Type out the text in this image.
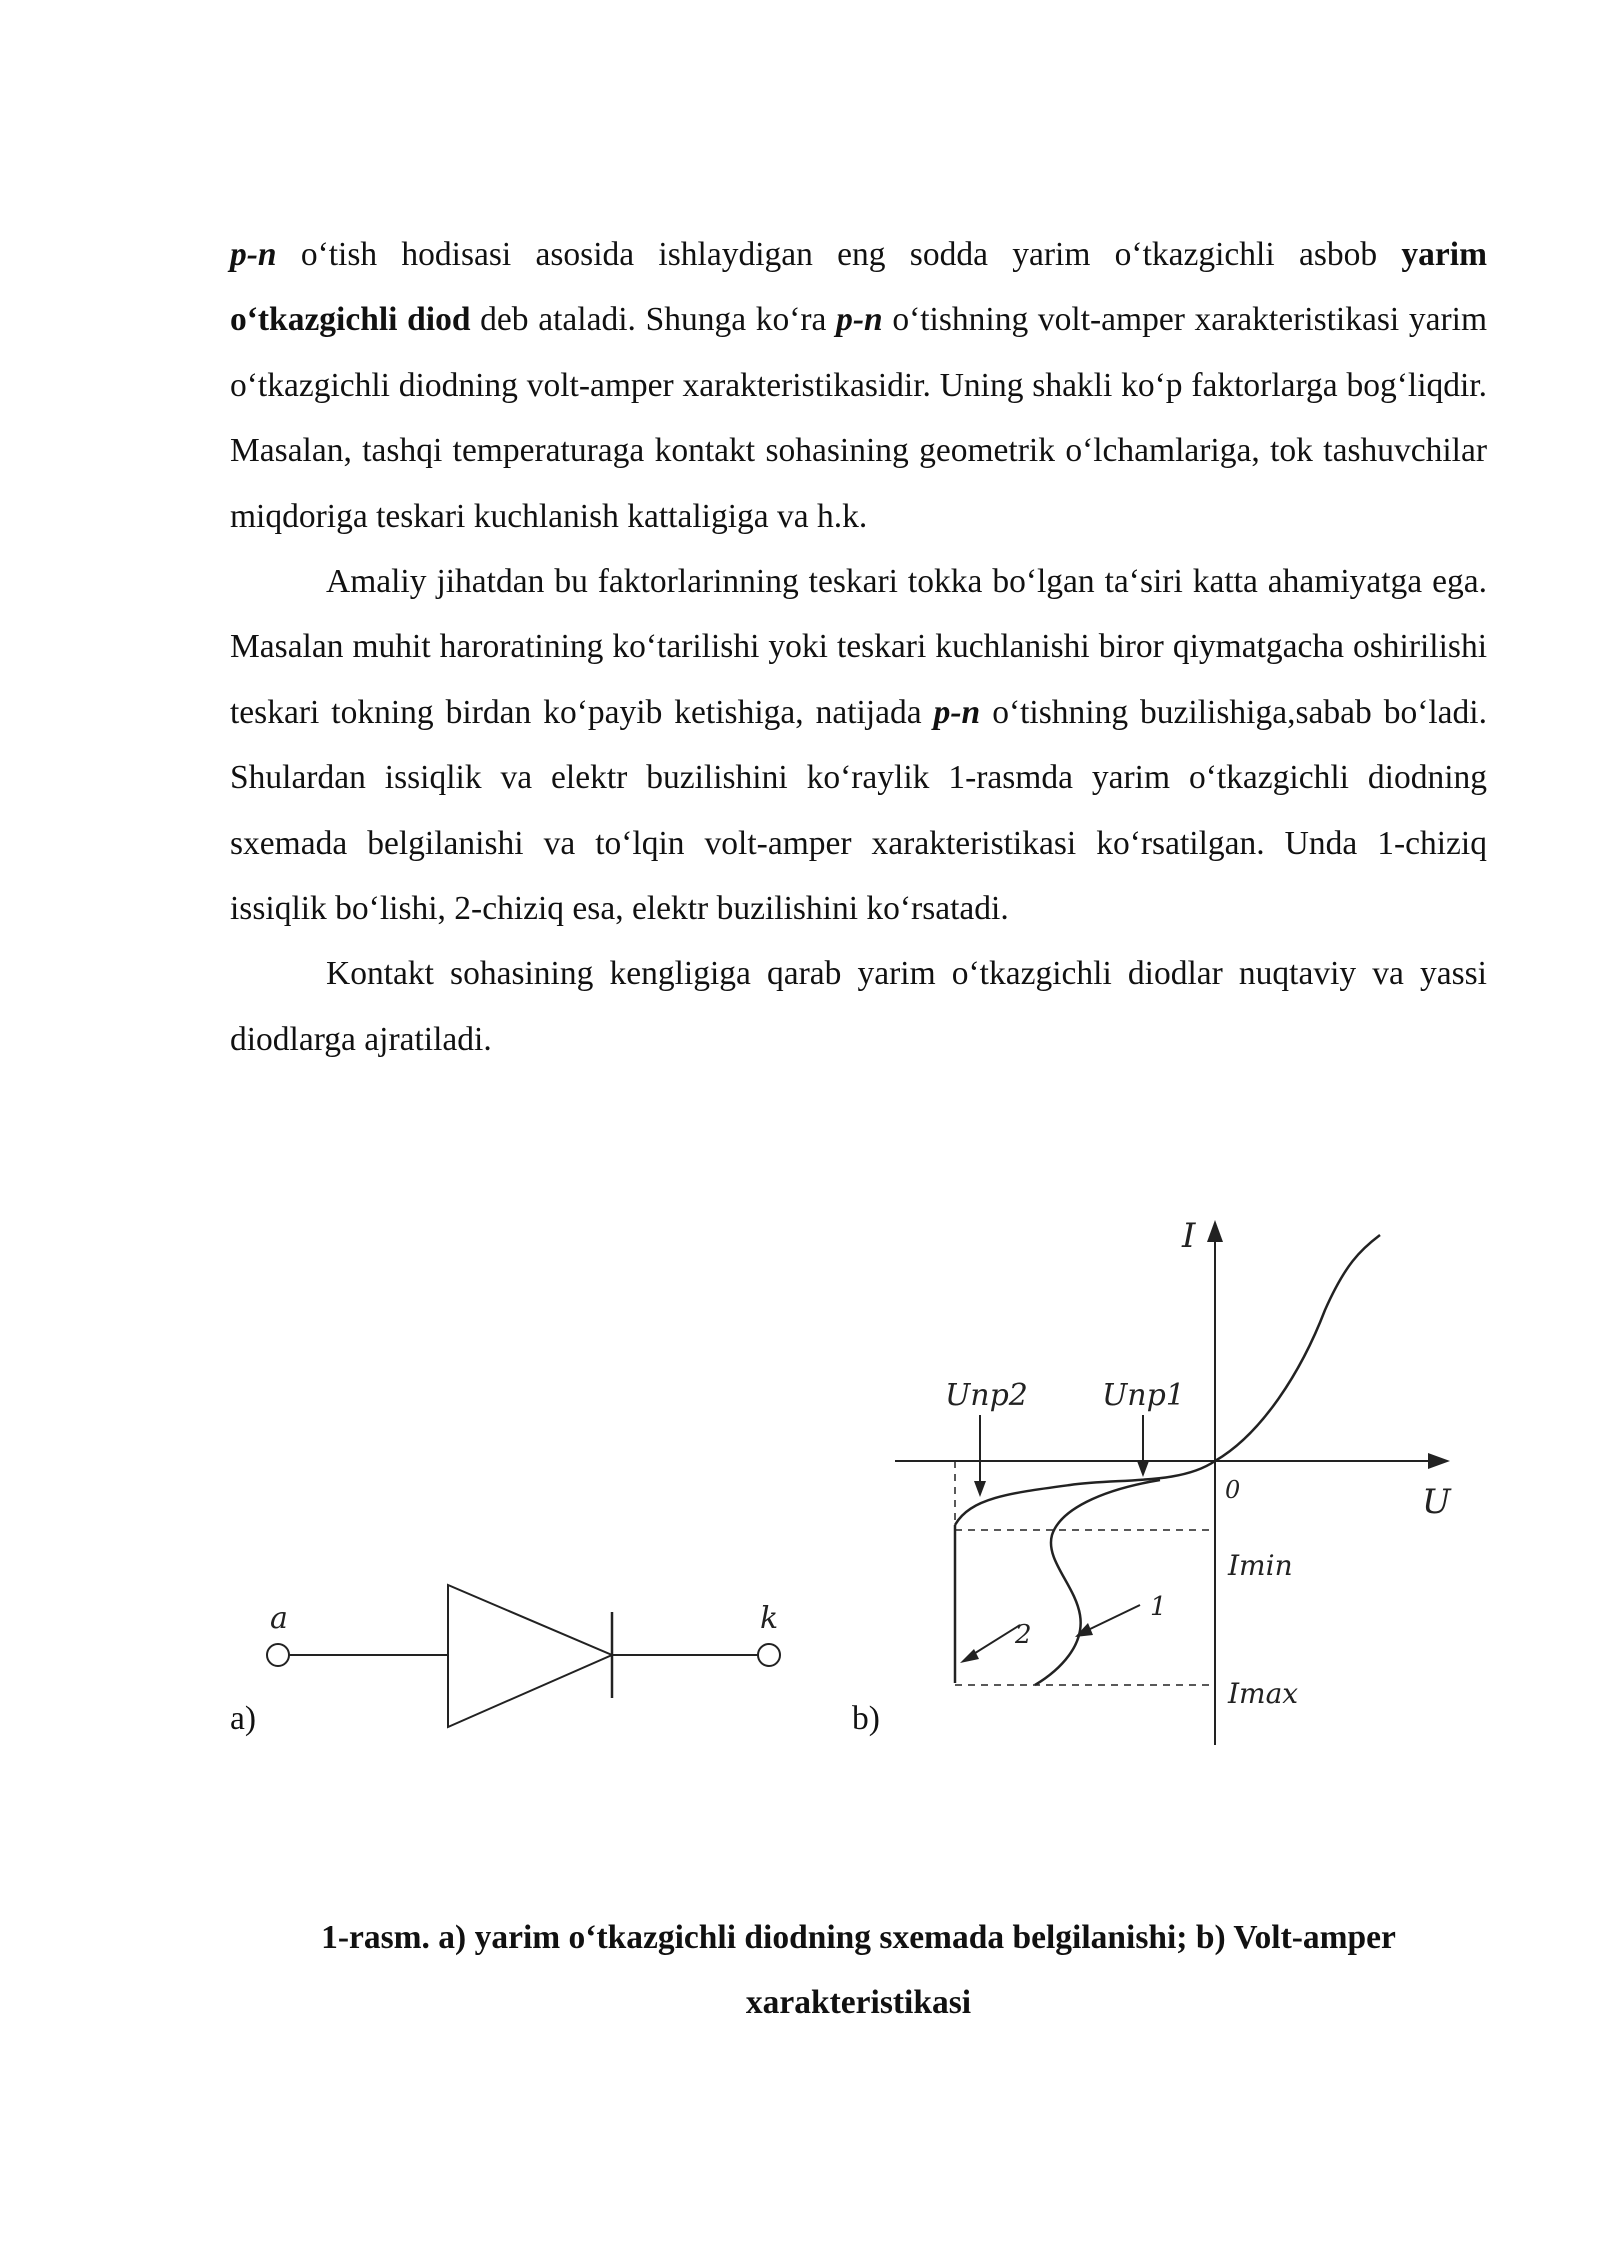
p-n o‘tish hodisasi asosida ishlaydigan eng sodda yarim o‘tkazgichli asbob yarim o‘tkazgichli diod deb ataladi. Shunga ko‘ra p-n o‘tishning volt-amper xarakteristikasi yarim o‘tkazgichli diodning volt-amper xarakteristikasidir. Uning shakli ko‘p faktorlarga bog‘liqdir. Masalan, tashqi temperaturaga kontakt sohasining geometrik o‘lchamlariga, tok tashuvchilar miqdoriga teskari kuchlanish kattaligiga va h.k.

Amaliy jihatdan bu faktorlarinning teskari tokka bo‘lgan ta‘siri katta ahamiyatga ega. Masalan muhit haroratining ko‘tarilishi yoki teskari kuchlanishi biror qiymatgacha oshirilishi teskari tokning birdan ko‘payib ketishiga, natijada p-n o‘tishning buzilishiga,sabab bo‘ladi. Shulardan issiqlik va elektr buzilishini ko‘raylik 1-rasmda yarim o‘tkazgichli diodning sxemada belgilanishi va to‘lqin volt-amper xarakteristikasi ko‘rsatilgan. Unda 1-chiziq issiqlik bo‘lishi, 2-chiziq esa, elektr buzilishini ko‘rsatadi.

Kontakt sohasining kengligiga qarab yarim o‘tkazgichli diodlar nuqtaviy va yassi diodlarga ajratiladi.

a	k
a)
I
U
0
Uпр2 Uпр1
Imin
Imax
1
2
b)
1-rasm. a) yarim o‘tkazgichli diodning sxemada belgilanishi; b) Volt-amper xarakteristikasi
